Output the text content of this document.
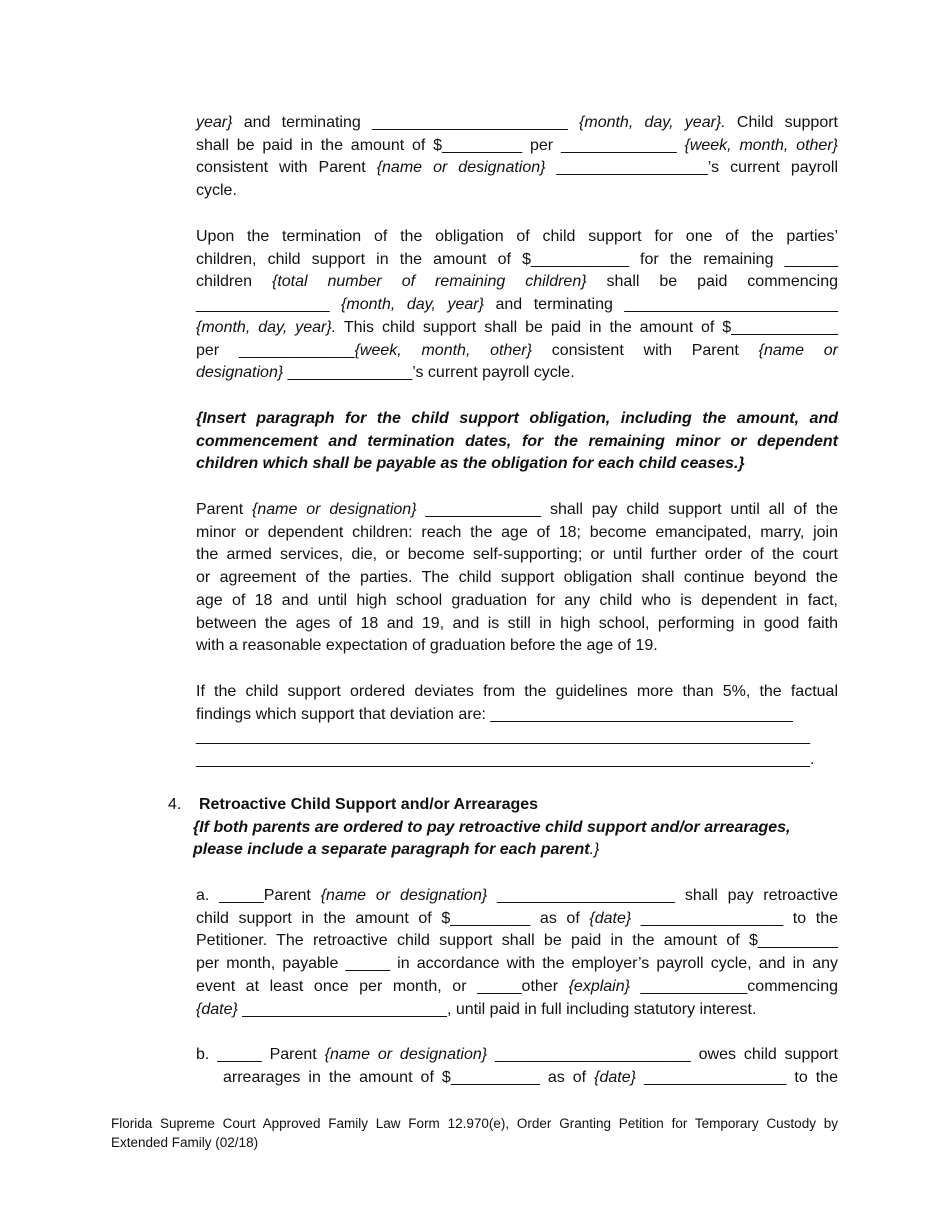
year} and terminating ______________________ {month, day, year}. Child support
shall be paid in the amount of $_________ per _____________ {week, month, other}
consistent with Parent {name or designation} _________________’s current payroll
cycle.
Upon the termination of the obligation of child support for one of the parties’
children, child support in the amount of $___________ for the remaining ______
children {total number of remaining children} shall be paid commencing
_______________ {month, day, year} and terminating ________________________
{month, day, year}. This child support shall be paid in the amount of $____________
per _____________{week, month, other} consistent with Parent {name or
designation} ______________’s current payroll cycle.
{Insert paragraph for the child support obligation, including the amount, and
commencement and termination dates, for the remaining minor or dependent
children which shall be payable as the obligation for each child ceases.}
Parent {name or designation} _____________ shall pay child support until all of the
minor or dependent children: reach the age of 18; become emancipated, marry, join
the armed services, die, or become self-supporting; or until further order of the court
or agreement of the parties. The child support obligation shall continue beyond the
age of 18 and until high school graduation for any child who is dependent in fact,
between the ages of 18 and 19, and is still in high school, performing in good faith
with a reasonable expectation of graduation before the age of 19.
If the child support ordered deviates from the guidelines more than 5%, the factual
findings which support that deviation are: __________________________________
_____________________________________________________________________
_____________________________________________________________________.
4. Retroactive Child Support and/or Arrearages
{If both parents are ordered to pay retroactive child support and/or arrearages,
please include a separate paragraph for each parent.}
a. _____Parent {name or designation} ____________________ shall pay retroactive
child support in the amount of $_________ as of {date} ________________ to the
Petitioner. The retroactive child support shall be paid in the amount of $_________
per month, payable _____ in accordance with the employer’s payroll cycle, and in any
event at least once per month, or _____other {explain} ____________commencing
{date} _______________________, until paid in full including statutory interest.
b. _____ Parent {name or designation} ______________________ owes child support
arrearages in the amount of $__________ as of {date} ________________ to the
Florida Supreme Court Approved Family Law Form 12.970(e), Order Granting Petition for Temporary Custody by
Extended Family (02/18)
